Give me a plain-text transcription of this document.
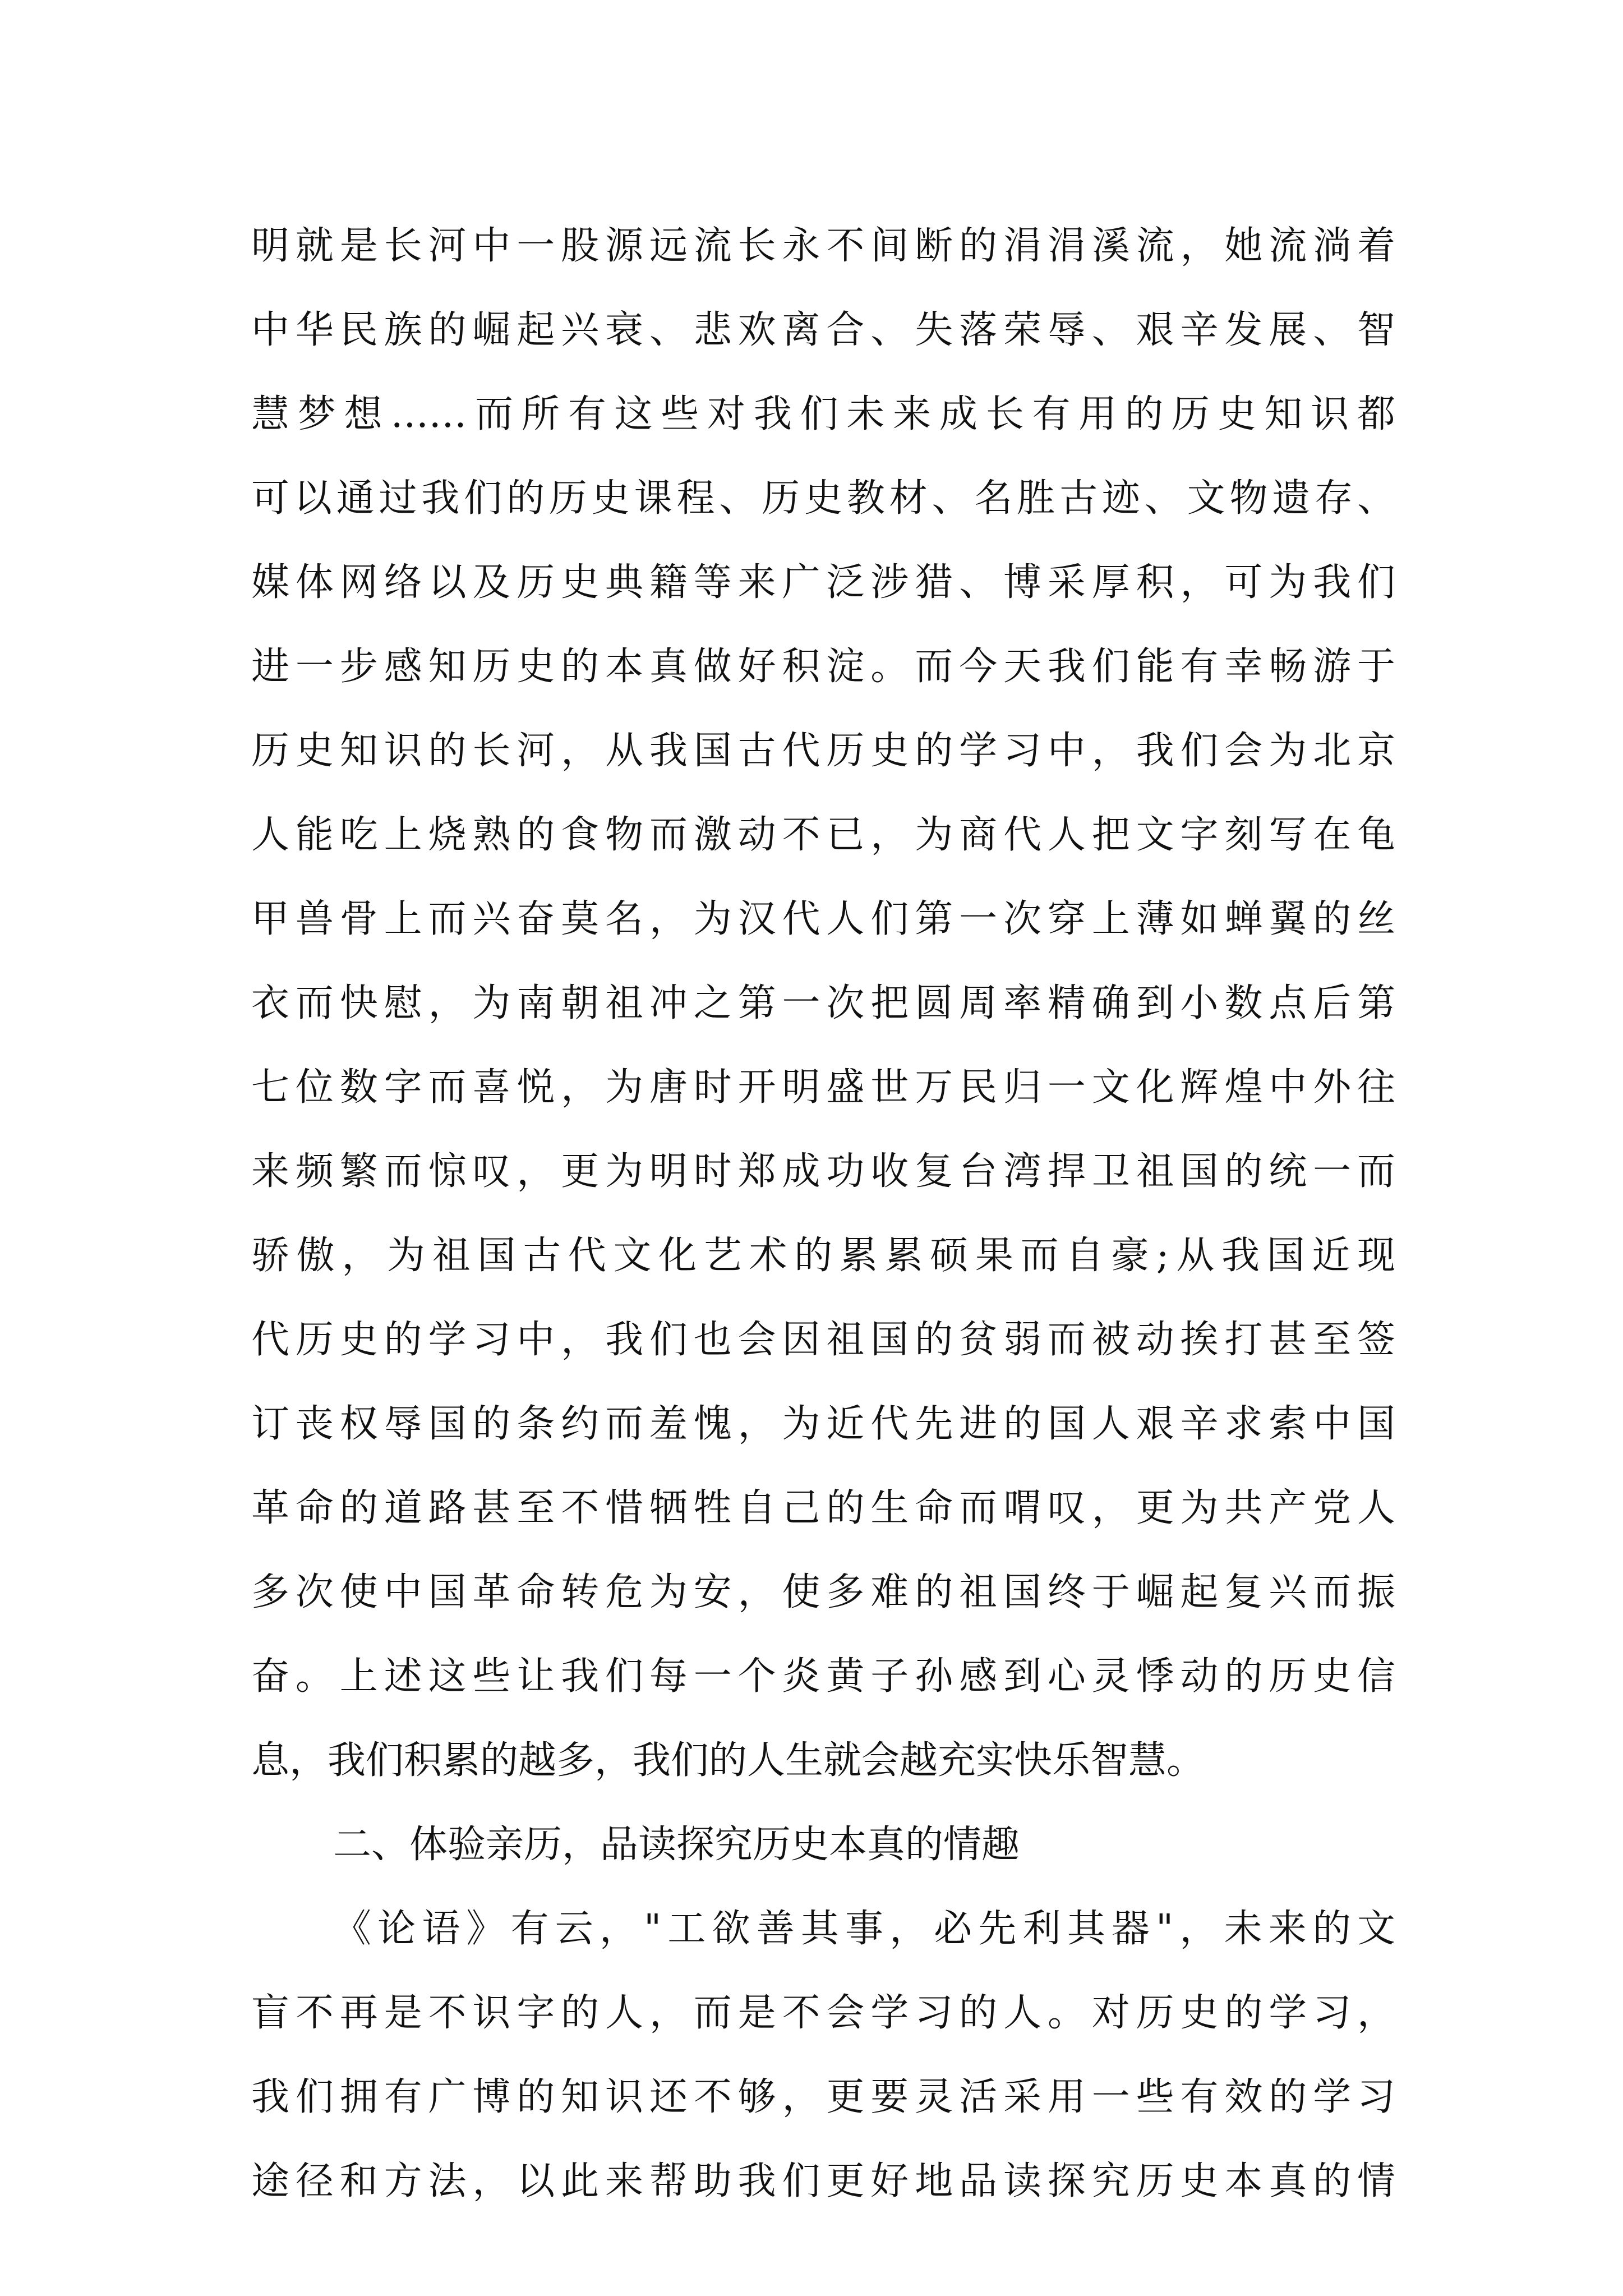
明就是长河中一股源远流长永不间断的涓涓溪流，她流淌着
中华民族的崛起兴衰、悲欢离合、失落荣辱、艰辛发展、智
慧梦想……而所有这些对我们未来成长有用的历史知识都
可以通过我们的历史课程、历史教材、名胜古迹、文物遗存、
媒体网络以及历史典籍等来广泛涉猎、博采厚积，可为我们
进一步感知历史的本真做好积淀。而今天我们能有幸畅游于
历史知识的长河，从我国古代历史的学习中，我们会为北京
人能吃上烧熟的食物而激动不已，为商代人把文字刻写在龟
甲兽骨上而兴奋莫名，为汉代人们第一次穿上薄如蝉翼的丝
衣而快慰，为南朝祖冲之第一次把圆周率精确到小数点后第
七位数字而喜悦，为唐时开明盛世万民归一文化辉煌中外往
来频繁而惊叹，更为明时郑成功收复台湾捍卫祖国的统一而
骄傲，为祖国古代文化艺术的累累硕果而自豪;从我国近现
代历史的学习中，我们也会因祖国的贫弱而被动挨打甚至签
订丧权辱国的条约而羞愧，为近代先进的国人艰辛求索中国
革命的道路甚至不惜牺牲自己的生命而喟叹，更为共产党人
多次使中国革命转危为安，使多难的祖国终于崛起复兴而振
奋。上述这些让我们每一个炎黄子孙感到心灵悸动的历史信
息，我们积累的越多，我们的人生就会越充实快乐智慧。
二、体验亲历，品读探究历史本真的情趣
《论语》有云，"工欲善其事，必先利其器"，未来的文
盲不再是不识字的人，而是不会学习的人。对历史的学习，
我们拥有广博的知识还不够，更要灵活采用一些有效的学习
途径和方法，以此来帮助我们更好地品读探究历史本真的情
